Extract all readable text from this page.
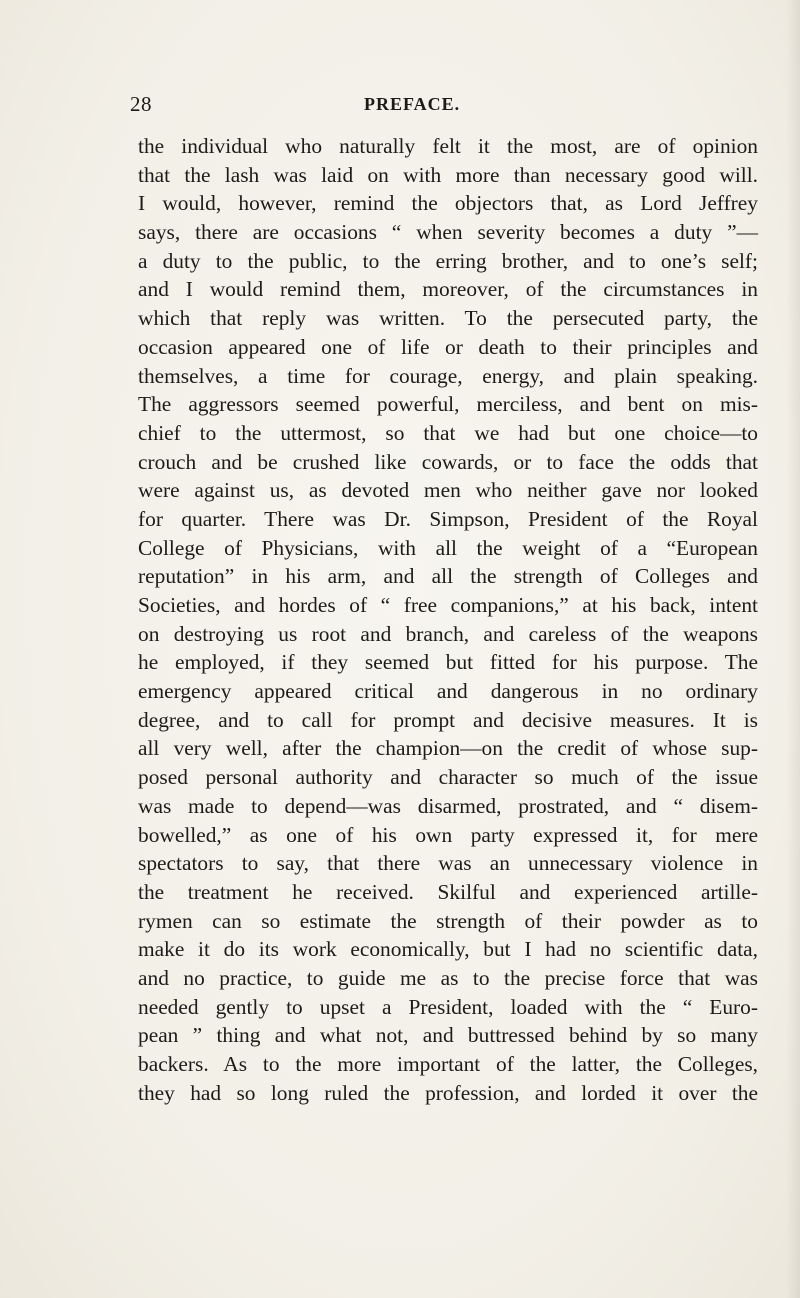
28	PREFACE.
the individual who naturally felt it the most, are of opinion
that the lash was laid on with more than necessary good will.
I would, however, remind the objectors that, as Lord Jeffrey
says, there are occasions “ when severity becomes a duty ”—
a duty to the public, to the erring brother, and to one’s self;
and I would remind them, moreover, of the circumstances in
which that reply was written. To the persecuted party, the
occasion appeared one of life or death to their principles and
themselves, a time for courage, energy, and plain speaking.
The aggressors seemed powerful, merciless, and bent on mis-
chief to the uttermost, so that we had but one choice—to
crouch and be crushed like cowards, or to face the odds that
were against us, as devoted men who neither gave nor looked
for quarter. There was Dr. Simpson, President of the Royal
College of Physicians, with all the weight of a “European
reputation” in his arm, and all the strength of Colleges and
Societies, and hordes of “ free companions,” at his back, intent
on destroying us root and branch, and careless of the weapons
he employed, if they seemed but fitted for his purpose. The
emergency appeared critical and dangerous in no ordinary
degree, and to call for prompt and decisive measures. It is
all very well, after the champion—on the credit of whose sup-
posed personal authority and character so much of the issue
was made to depend—was disarmed, prostrated, and “ disem-
bowelled,” as one of his own party expressed it, for mere
spectators to say, that there was an unnecessary violence in
the treatment he received. Skilful and experienced artille-
rymen can so estimate the strength of their powder as to
make it do its work economically, but I had no scientific data,
and no practice, to guide me as to the precise force that was
needed gently to upset a President, loaded with the “ Euro-
pean ” thing and what not, and buttressed behind by so many
backers. As to the more important of the latter, the Colleges,
they had so long ruled the profession, and lorded it over the
